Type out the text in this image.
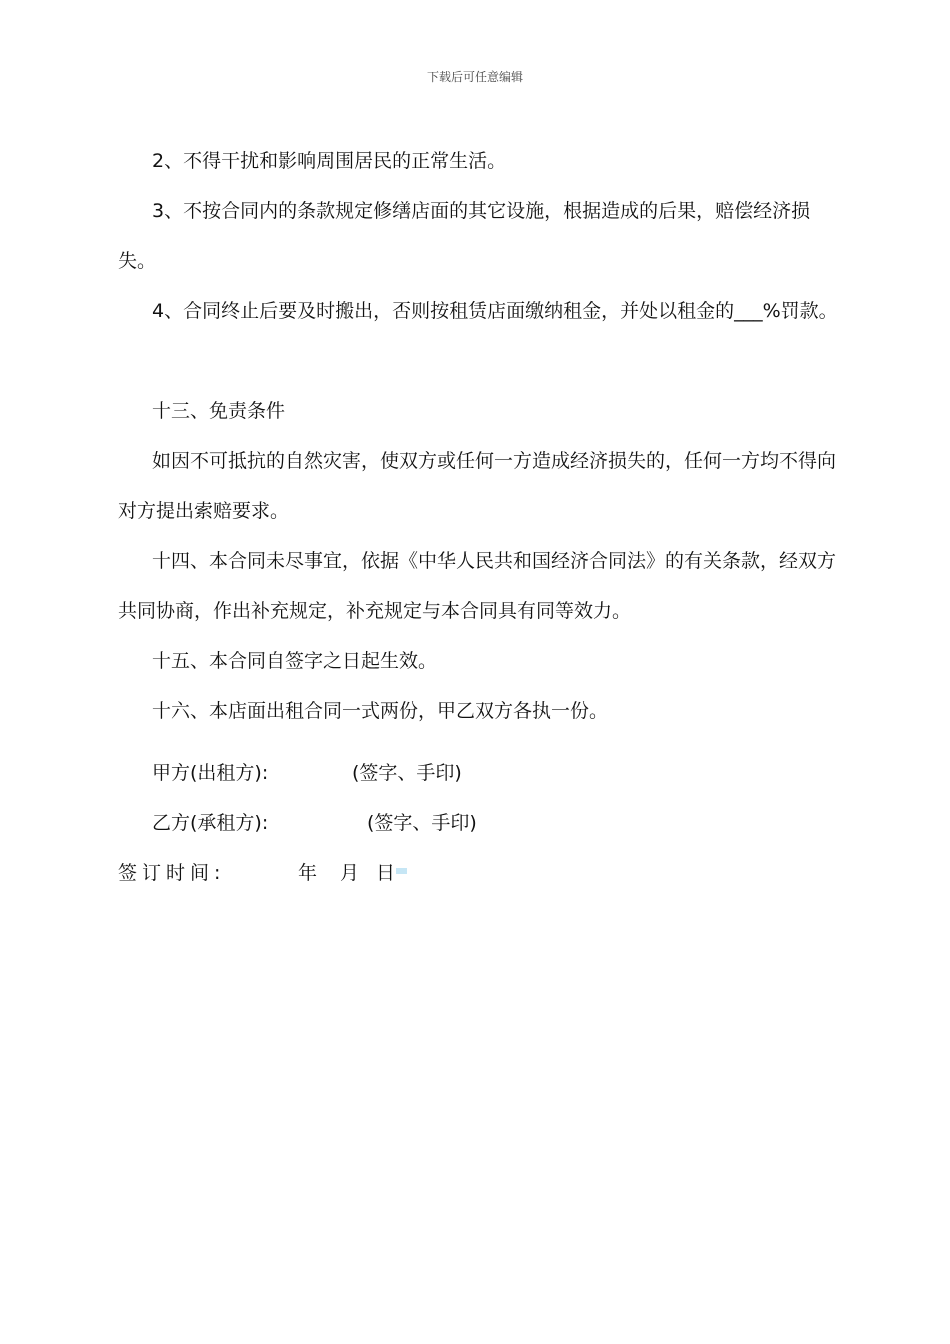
下载后可任意编辑

2、不得干扰和影响周围居民的正常生活。

3、不按合同内的条款规定修缮店面的其它设施，根据造成的后果，赔偿经济损失。

4、合同终止后要及时搬出，否则按租赁店面缴纳租金，并处以租金的___%罚款。

十三、免责条件

如因不可抵抗的自然灾害，使双方或任何一方造成经济损失的，任何一方均不得向对方提出索赔要求。

十四、本合同未尽事宜，依据《中华人民共和国经济合同法》的有关条款，经双方共同协商，作出补充规定，补充规定与本合同具有同等效力。

十五、本合同自签字之日起生效。

十六、本店面出租合同一式两份，甲乙双方各执一份。

甲方(出租方):	(签字、手印)
乙方(承租方):	(签字、手印)
签订时间:	年 月 日
